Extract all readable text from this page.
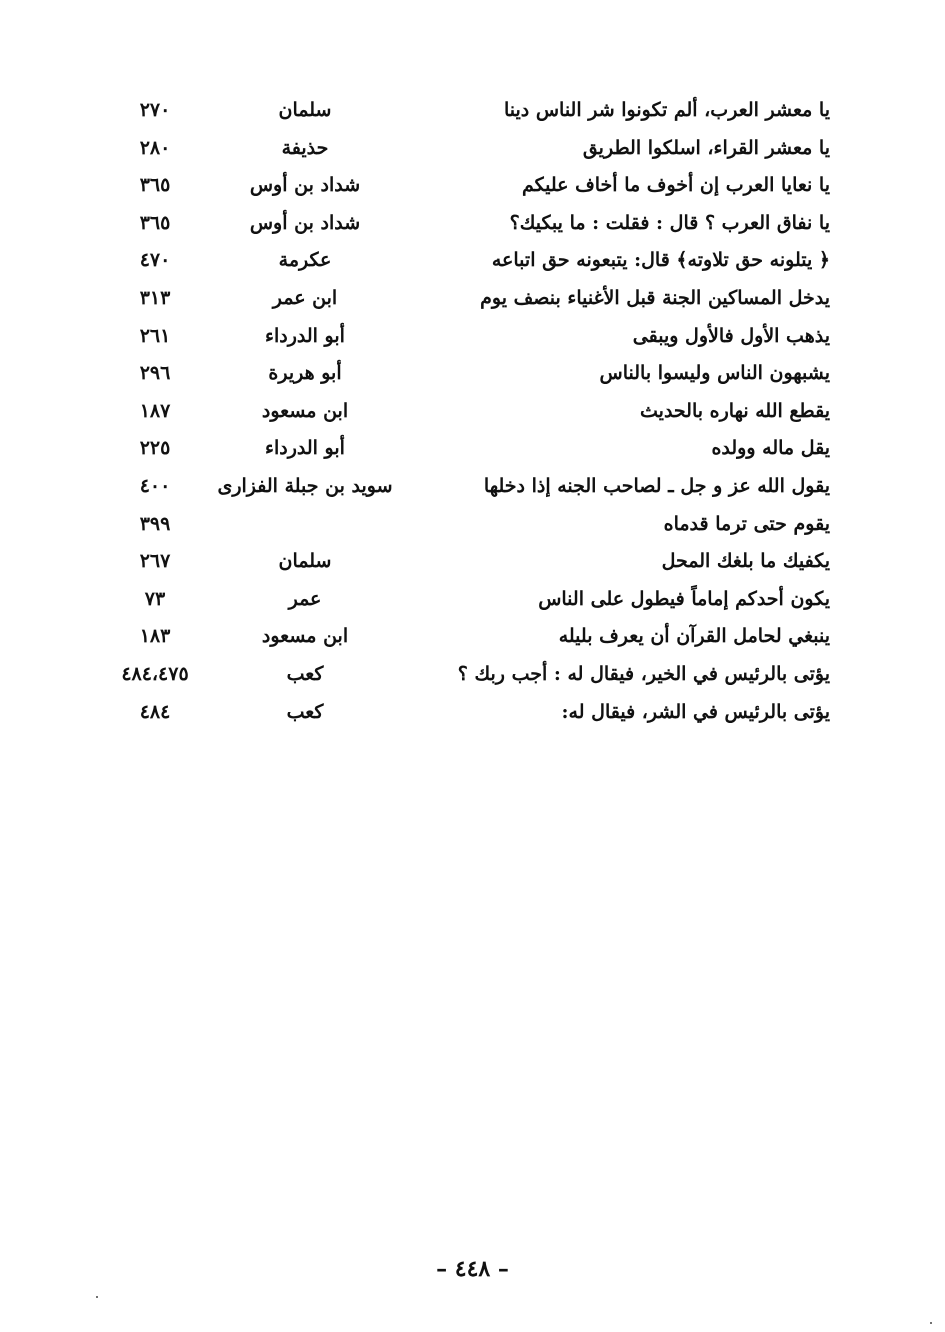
يا معشر العرب، ألم تكونوا شر الناس دينا
سلمان
٢٧٠
يا معشر القراء، اسلكوا الطريق
حذيفة
٢٨٠
يا نعايا العرب إن أخوف ما أخاف عليكم
شداد بن أوس
٣٦٥
يا نفاق العرب ؟ قال : فقلت : ما يبكيك؟
شداد بن أوس
٣٦٥
﴿ يتلونه حق تلاوته﴾ قال: يتبعونه حق اتباعه
عكرمة
٤٧٠
يدخل المساكين الجنة قبل الأغنياء بنصف يوم
ابن عمر
٣١٣
يذهب الأول فالأول ويبقى
أبو الدرداء
٢٦١
يشبهون الناس وليسوا بالناس
أبو هريرة
٢٩٦
يقطع الله نهاره بالحديث
ابن مسعود
١٨٧
يقل ماله وولده
أبو الدرداء
٢٢٥
يقول الله عز و جل ـ لصاحب الجنه إذا دخلها
سويد بن جبلة الفزارى
٤٠٠
يقوم حتى ترما قدماه
٣٩٩
يكفيك ما بلغك المحل
سلمان
٢٦٧
يكون أحدكم إماماً فيطول على الناس
عمر
٧٣
ينبغي لحامل القرآن أن يعرف بليله
ابن مسعود
١٨٣
يؤتى بالرئيس في الخير، فيقال له : أجب ربك ؟
كعب
٤٨٤،٤٧٥
يؤتى بالرئيس في الشر، فيقال له:
كعب
٤٨٤
– ٤٤٨ –
